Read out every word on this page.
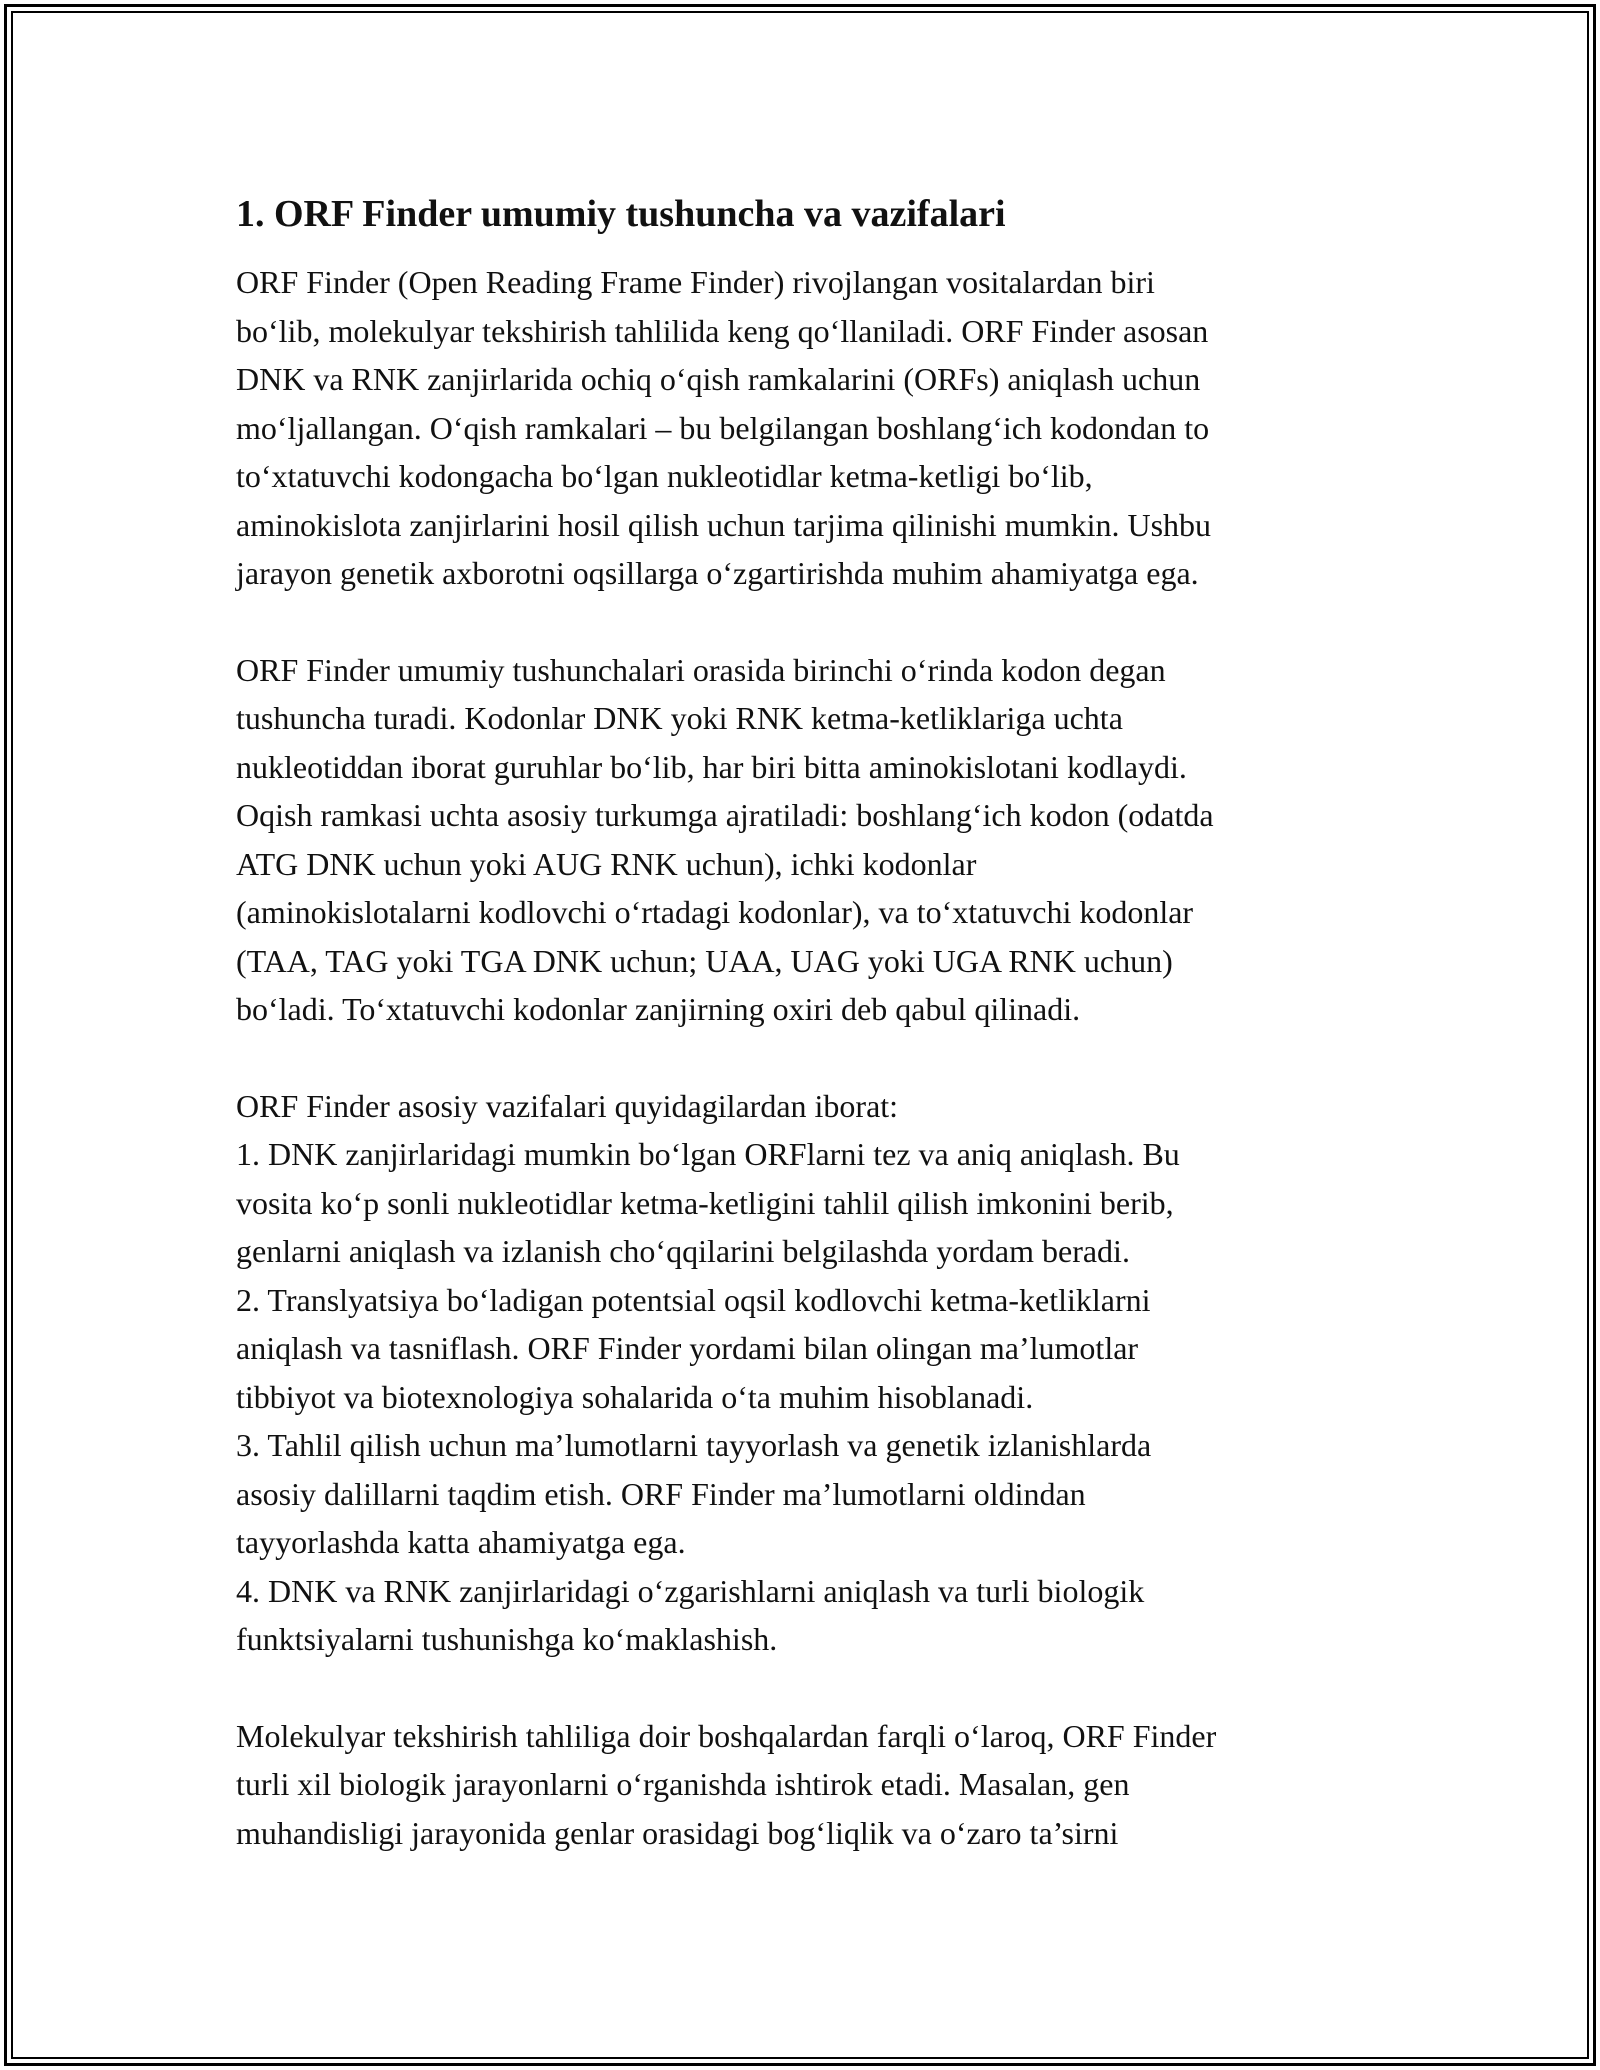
1. ORF Finder umumiy tushuncha va vazifalari

ORF Finder (Open Reading Frame Finder) rivojlangan vositalardan biri
bo‘lib, molekulyar tekshirish tahlilida keng qo‘llaniladi. ORF Finder asosan
DNK va RNK zanjirlarida ochiq o‘qish ramkalarini (ORFs) aniqlash uchun
mo‘ljallangan. O‘qish ramkalari – bu belgilangan boshlang‘ich kodondan to
to‘xtatuvchi kodongacha bo‘lgan nukleotidlar ketma-ketligi bo‘lib,
aminokislota zanjirlarini hosil qilish uchun tarjima qilinishi mumkin. Ushbu
jarayon genetik axborotni oqsillarga o‘zgartirishda muhim ahamiyatga ega.

ORF Finder umumiy tushunchalari orasida birinchi o‘rinda kodon degan
tushuncha turadi. Kodonlar DNK yoki RNK ketma-ketliklariga uchta
nukleotiddan iborat guruhlar bo‘lib, har biri bitta aminokislotani kodlaydi.
Oqish ramkasi uchta asosiy turkumga ajratiladi: boshlang‘ich kodon (odatda
ATG DNK uchun yoki AUG RNK uchun), ichki kodonlar
(aminokislotalarni kodlovchi o‘rtadagi kodonlar), va to‘xtatuvchi kodonlar
(TAA, TAG yoki TGA DNK uchun; UAA, UAG yoki UGA RNK uchun)
bo‘ladi. To‘xtatuvchi kodonlar zanjirning oxiri deb qabul qilinadi.

ORF Finder asosiy vazifalari quyidagilardan iborat:
1. DNK zanjirlaridagi mumkin bo‘lgan ORFlarni tez va aniq aniqlash. Bu
vosita ko‘p sonli nukleotidlar ketma-ketligini tahlil qilish imkonini berib,
genlarni aniqlash va izlanish cho‘qqilarini belgilashda yordam beradi.
2. Translyatsiya bo‘ladigan potentsial oqsil kodlovchi ketma-ketliklarni
aniqlash va tasniflash. ORF Finder yordami bilan olingan ma’lumotlar
tibbiyot va biotexnologiya sohalarida o‘ta muhim hisoblanadi.
3. Tahlil qilish uchun ma’lumotlarni tayyorlash va genetik izlanishlarda
asosiy dalillarni taqdim etish. ORF Finder ma’lumotlarni oldindan
tayyorlashda katta ahamiyatga ega.
4. DNK va RNK zanjirlaridagi o‘zgarishlarni aniqlash va turli biologik
funktsiyalarni tushunishga ko‘maklashish.

Molekulyar tekshirish tahliliga doir boshqalardan farqli o‘laroq, ORF Finder
turli xil biologik jarayonlarni o‘rganishda ishtirok etadi. Masalan, gen
muhandisligi jarayonida genlar orasidagi bog‘liqlik va o‘zaro ta’sirni
